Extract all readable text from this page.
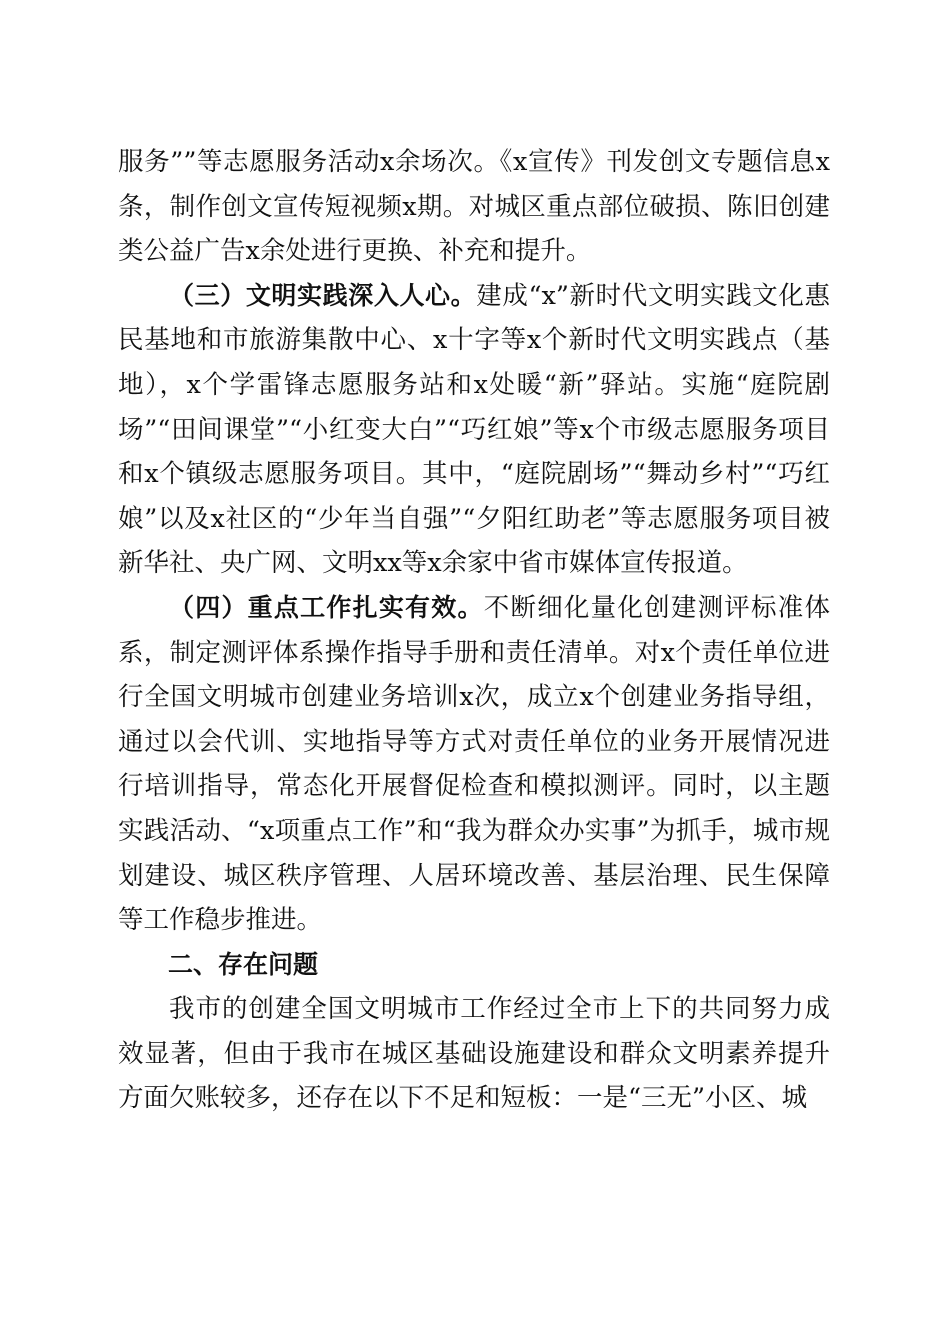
服务””等志愿服务活动x余场次。《x宣传》刊发创文专题信息x条，制作创文宣传短视频x期。对城区重点部位破损、陈旧创建类公益广告x余处进行更换、补充和提升。

（三）文明实践深入人心。建成“x”新时代文明实践文化惠民基地和市旅游集散中心、x十字等x个新时代文明实践点（基地），x个学雷锋志愿服务站和x处暖“新”驿站。实施“庭院剧场”“田间课堂”“小红变大白”“巧红娘”等x个市级志愿服务项目和x个镇级志愿服务项目。其中，“庭院剧场”“舞动乡村”“巧红娘”以及x社区的“少年当自强”“夕阳红助老”等志愿服务项目被新华社、央广网、文明xx等x余家中省市媒体宣传报道。

（四）重点工作扎实有效。不断细化量化创建测评标准体系，制定测评体系操作指导手册和责任清单。对x个责任单位进行全国文明城市创建业务培训x次，成立x个创建业务指导组，通过以会代训、实地指导等方式对责任单位的业务开展情况进行培训指导，常态化开展督促检查和模拟测评。同时，以主题实践活动、“x项重点工作”和“我为群众办实事”为抓手，城市规划建设、城区秩序管理、人居环境改善、基层治理、民生保障等工作稳步推进。

二、存在问题

我市的创建全国文明城市工作经过全市上下的共同努力成效显著，但由于我市在城区基础设施建设和群众文明素养提升方面欠账较多，还存在以下不足和短板：一是“三无”小区、城
